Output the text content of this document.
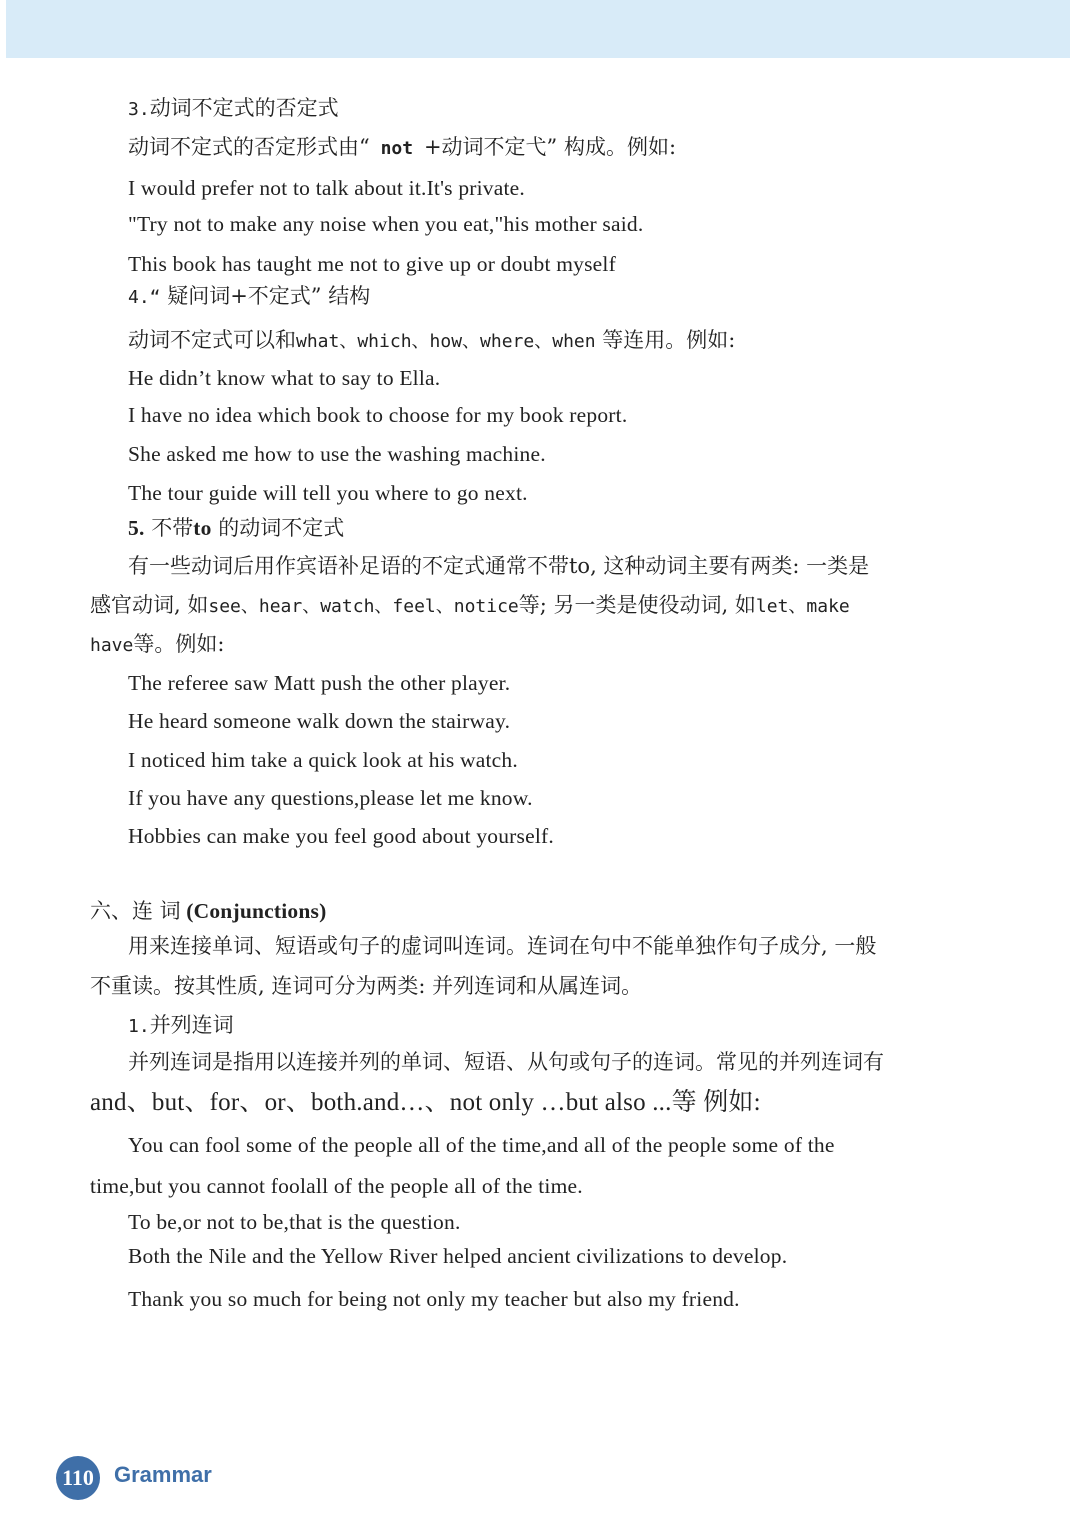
3.动词不定式的否定式
动词不定式的否定形式由“ not +动词不定弋” 构成。例如:
I would prefer not to talk about it.It's private.
"Try not to make any noise when you eat,"his mother said.
This book has taught me not to give up or doubt myself
4.“ 疑问词+不定式” 结构
动词不定式可以和what、which、how、where、when 等连用。例如:
He didn’t know what to say to Ella.
I have no idea which book to choose for my book report.
She asked me how to use the washing machine.
The tour guide will tell you where to go next.
5. 不带to 的动词不定式
有一些动词后用作宾语补足语的不定式通常不带to, 这种动词主要有两类: 一类是
感官动词, 如see、hear、watch、feel、notice等; 另一类是使役动词, 如let、make
have等。例如:
The referee saw Matt push the other player.
He heard someone walk down the stairway.
I noticed him take a quick look at his watch.
If you have any questions,please let me know.
Hobbies can make you feel good about yourself.
六、连 词 (Conjunctions)
用来连接单词、短语或句子的虚词叫连词。连词在句中不能单独作句子成分, 一般
不重读。按其性质, 连词可分为两类: 并列连词和从属连词。
1.并列连词
并列连词是指用以连接并列的单词、短语、从句或句子的连词。常见的并列连词有
and、but、for、or、both.and…、not only …but also ...等 例如:
You can fool some of the people all of the time,and all of the people some of the
time,but you cannot foolall of the people all of the time.
To be,or not to be,that is the question.
Both the Nile and the Yellow River helped ancient civilizations to develop.
Thank you so much for being not only my teacher but also my friend.
110 Grammar
